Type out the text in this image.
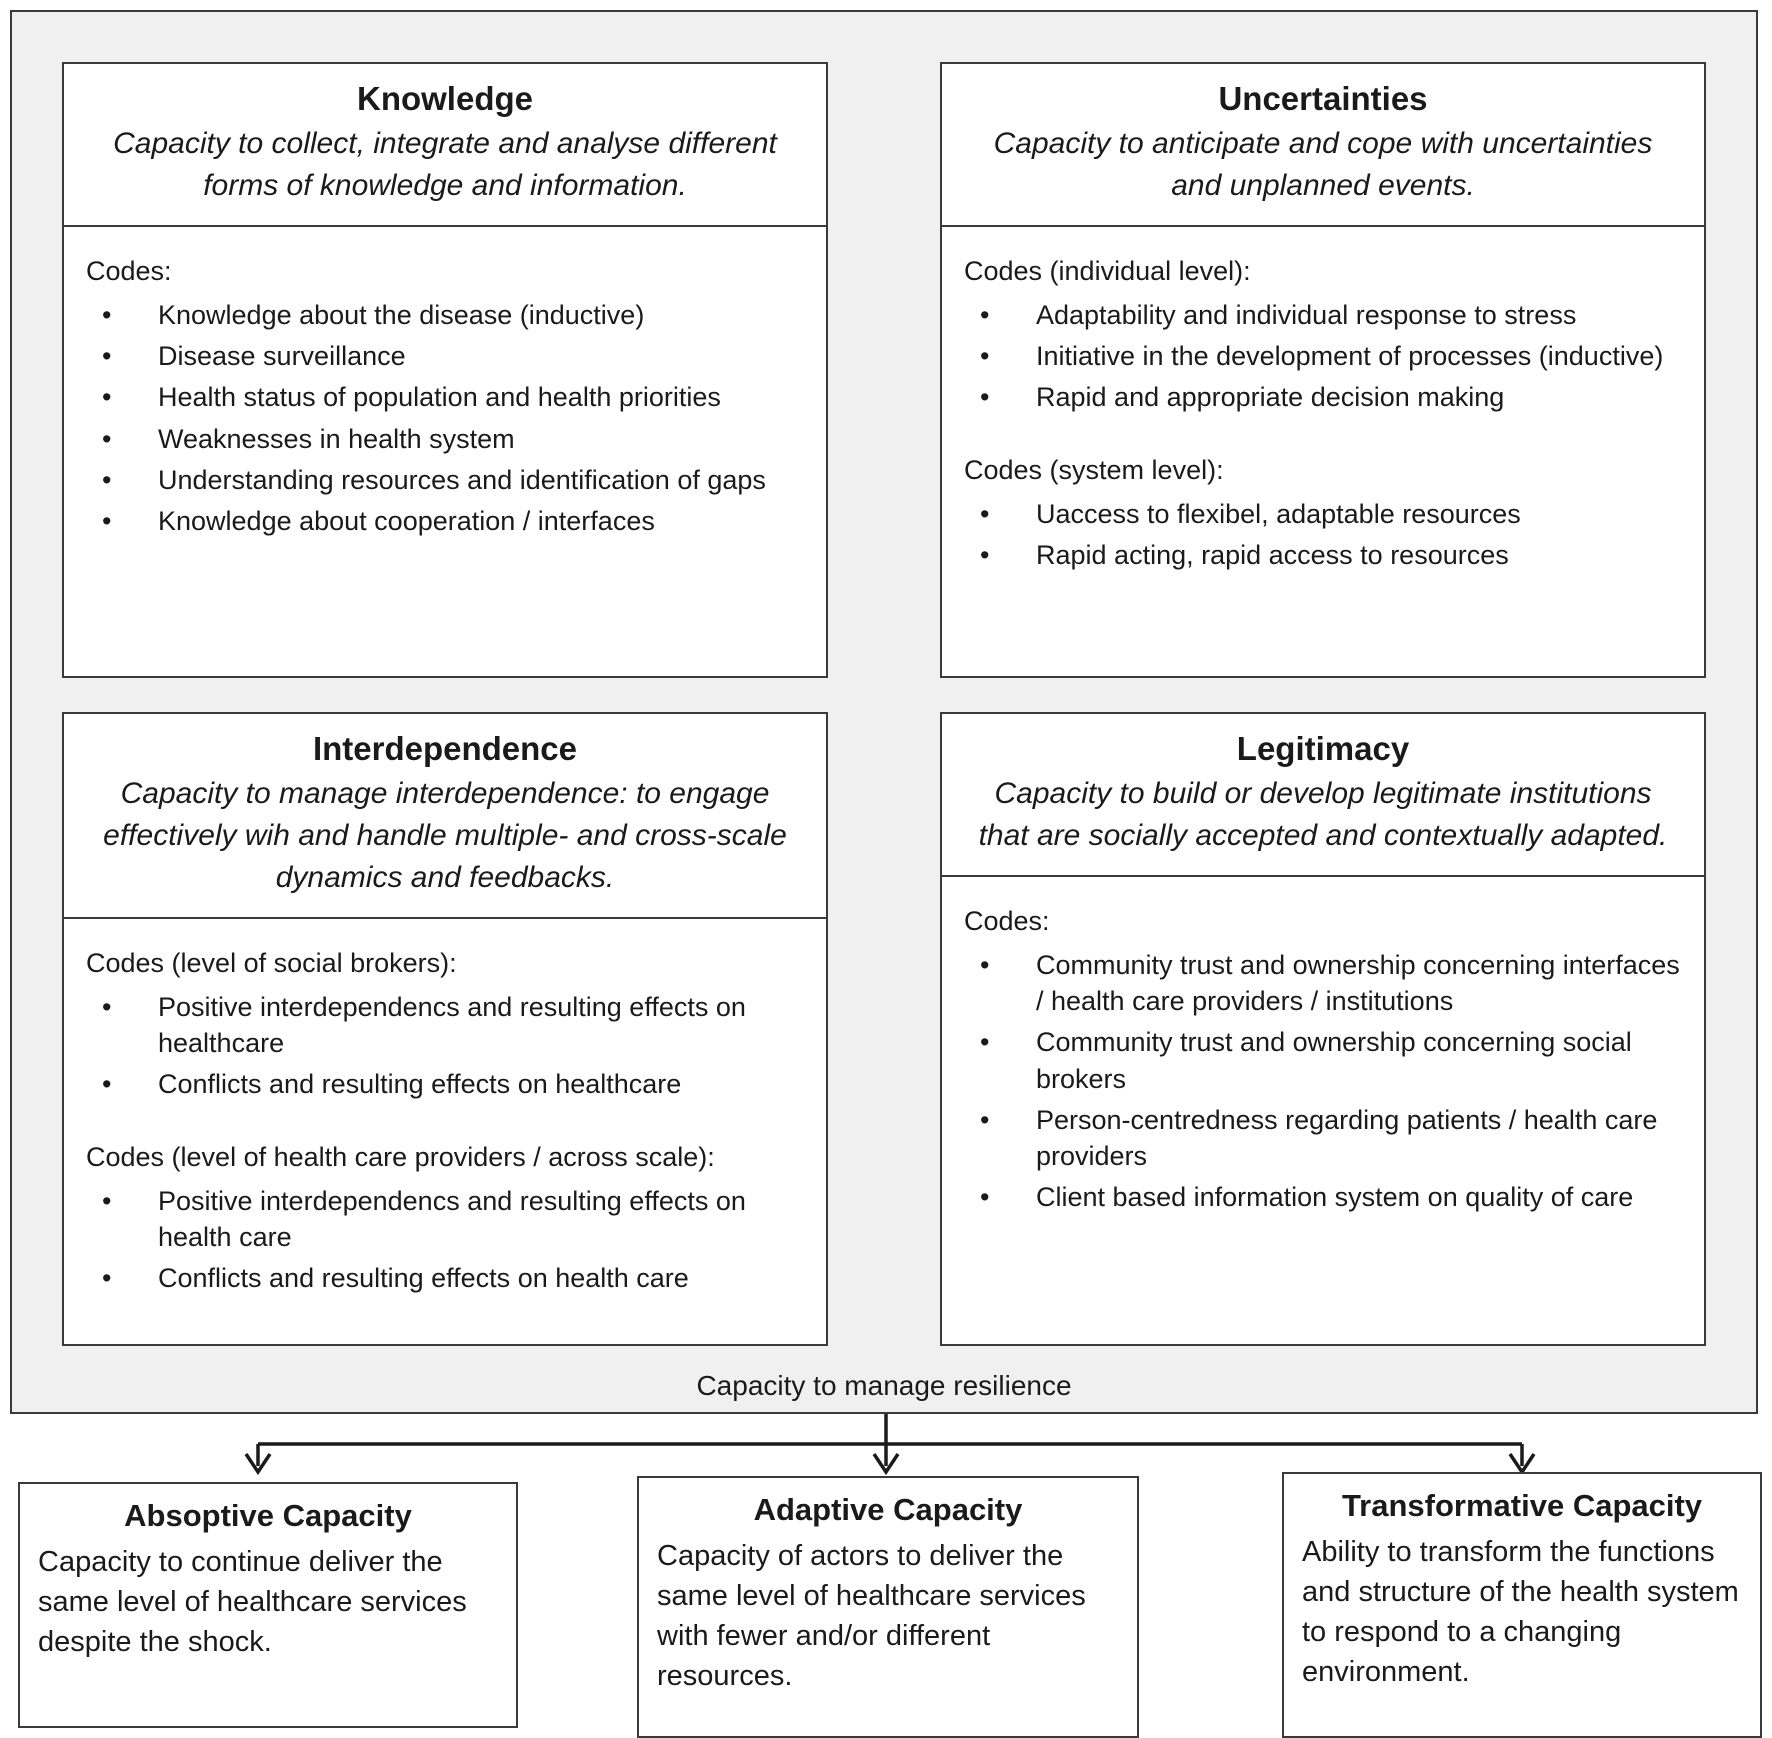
Knowledge

Capacity to collect, integrate and analyse different forms of knowledge and information.

Codes:

• Knowledge about the disease (inductive)
• Disease surveillance
• Health status of population and health priorities
• Weaknesses in health system
• Understanding resources and identification of gaps
• Knowledge about cooperation / interfaces
Uncertainties

Capacity to anticipate and cope with uncertainties and unplanned events.

Codes (individual level):

• Adaptability and individual response to stress
• Initiative in the development of processes (inductive)
• Rapid and appropriate decision making

Codes (system level):

• Uaccess to flexibel, adaptable resources
• Rapid acting, rapid access to resources
Interdependence

Capacity to manage interdependence: to engage effectively wih and handle multiple- and cross-scale dynamics and feedbacks.

Codes (level of social brokers):

• Positive interdependencs and resulting effects on healthcare
• Conflicts and resulting effects on healthcare

Codes (level of health care providers / across scale):

• Positive interdependencs and resulting effects on health care
• Conflicts and resulting effects on health care
Legitimacy

Capacity to build or develop legitimate institutions that are socially accepted and contextually adapted.

Codes:

• Community trust and ownership concerning interfaces / health care providers / institutions
• Community trust and ownership concerning social brokers
• Person-centredness regarding patients / health care providers
• Client based information system on quality of care
Capacity to manage resilience
Absoptive Capacity

Capacity to continue deliver the same level of healthcare services despite the shock.

Adaptive Capacity

Capacity of actors to deliver the same level of healthcare services with fewer and/or different resources.

Transformative Capacity

Ability to transform the functions and structure of the health system to respond to a changing environment.
